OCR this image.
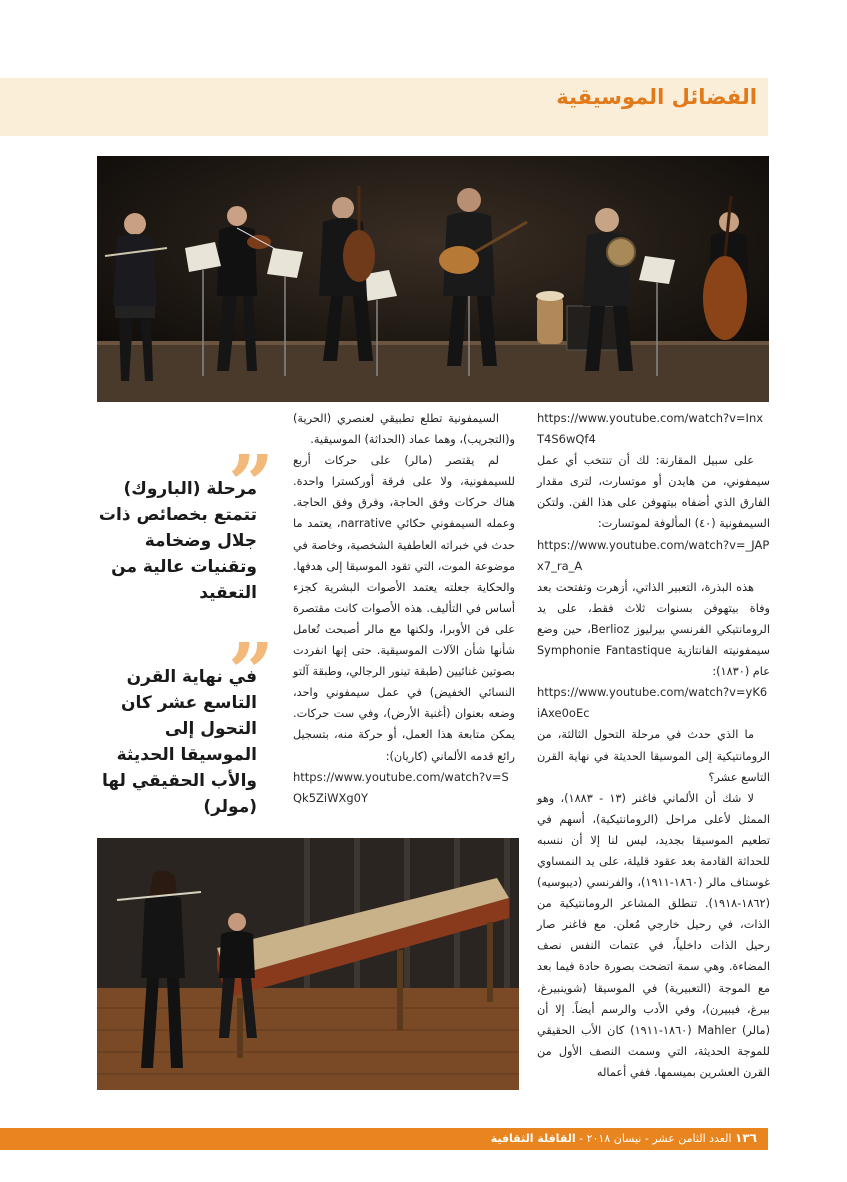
الفضائل الموسيقية

https://www.youtube.com/watch?v=InxT4S6wQf4

على سبيل المقارنة: لك أن تنتخب أي عمل سيمفوني، من هايدن أو موتسارت، لترى مقدار الفارق الذي أضفاه بيتهوفن على هذا الفن. ولتكن السيمفونية (٤٠) المألوفة لموتسارت:

https://www.youtube.com/watch?v=_JAPx7_ra_A

هذه البذرة، التعبير الذاتي، أزهرت وتفتحت بعد وفاة بيتهوفن بسنوات ثلاث فقط، على يد الرومانتيكي الفرنسي بيرليوز Berlioz، حين وضع سيمفونيته الفانتازية Symphonie Fantastique عام (١٨٣٠):

https://www.youtube.com/watch?v=yK6iAxe0oEc

ما الذي حدث في مرحلة التحول الثالثة، من الرومانتيكية إلى الموسيقا الحديثة في نهاية القرن التاسع عشر؟

لا شك أن الألماني فاغنر (١٣ - ١٨٨٣)، وهو الممثل لأعلى مراحل (الرومانتيكية)، أسهم في تطعيم الموسيقا بجديد، ليس لنا إلا أن ننسبه للحداثة القادمة بعد عقود قليلة، على يد النمساوي غوستاف مالر (١٨٦٠-١٩١١)، والفرنسي (ديبوسيه) (١٨٦٢-١٩١٨). تنطلق المشاعر الرومانتيكية من الذات، في رحيل خارجي مُعلن. مع فاغنر صار رحيل الذات داخلياً، في عتمات النفس نصف المضاءة. وهي سمة اتضحت بصورة حادة فيما بعد مع الموجة (التعبيرية) في الموسيقا (شوينبيرغ، بيرغ، فيبيرن)، وفي الأدب والرسم أيضاً. إلا أن (مالر) Mahler (١٨٦٠-١٩١١) كان الأب الحقيقي للموجة الحديثة، التي وسمت النصف الأول من القرن العشرين بميسمها. ففي أعماله

السيمفونية تطلع تطبيقي لعنصري (الحرية) و(التجريب)، وهما عماد (الحداثة) الموسيقية.

لم يقتصر (مالر) على حركات أربع للسيمفونية، ولا على فرقة أوركسترا واحدة. هناك حركات وفق الحاجة، وفرق وفق الحاجة. وعمله السيمفوني حكائي narrative، يعتمد ما حدث في خبراته العاطفية الشخصية، وخاصة في موضوعة الموت، التي تقود الموسيقا إلى هدفها. والحكاية جعلته يعتمد الأصوات البشرية كجزء أساس في التأليف. هذه الأصوات كانت مقتصرة على فن الأوبرا، ولكنها مع مالر أصبحت تُعامل شأنها شأن الآلات الموسيقية. حتى إنها انفردت بصوتين غنائيين (طبقة تينور الرجالي، وطبقة آلتو النسائي الخفيض) في عمل سيمفوني واحد، وضعه بعنوان (أغنية الأرض)، وفي ست حركات. يمكن متابعة هذا العمل، أو حركة منه، بتسجيل رائع قدمه الألماني (كاريان):

https://www.youtube.com/watch?v=SQk5ZiWXg0Y

”
مرحلة (الباروك) تتمتع بخصائص ذات جلال وضخامة وتقنيات عالية من التعقيد
”
في نهاية القرن التاسع عشر كان التحول إلى الموسيقا الحديثة والأب الحقيقي لها (مولر)
١٣٦ العدد الثامن عشر - نيسان ٢٠١٨ - القافلة الثقافية
